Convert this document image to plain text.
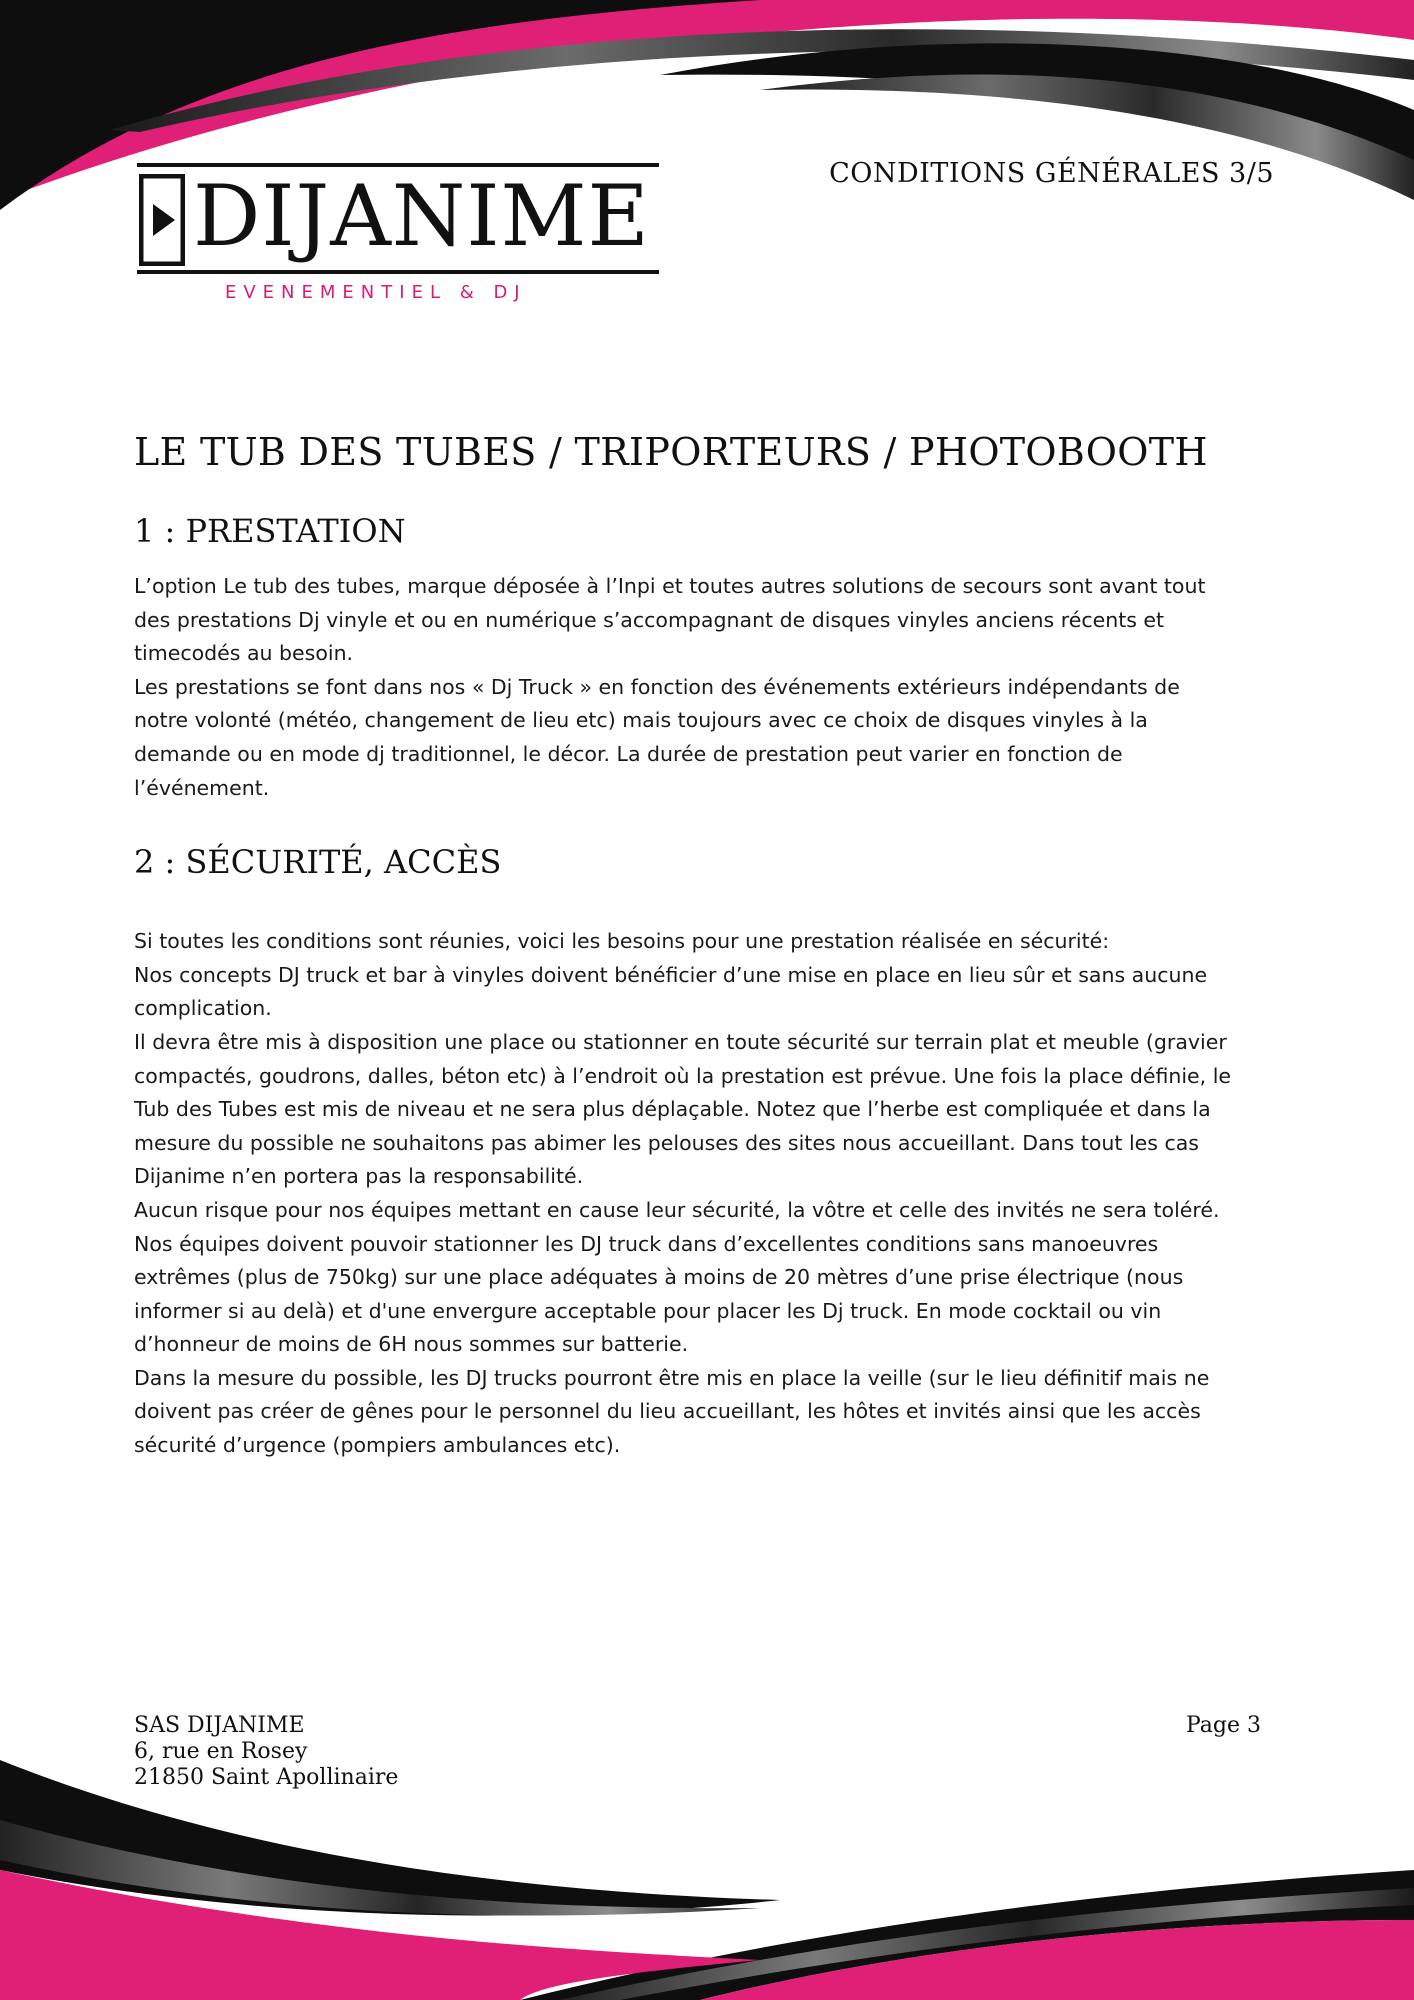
DIJANIME
EVENEMENTIEL & DJ
CONDITIONS GÉNÉRALES 3/5
LE TUB DES TUBES / TRIPORTEURS / PHOTOBOOTH
1 : PRESTATION

L’option Le tub des tubes, marque déposée à l’Inpi et toutes autres solutions de secours sont avant tout

des prestations Dj vinyle et ou en numérique s’accompagnant de disques vinyles anciens récents et

timecodés au besoin.

Les prestations se font dans nos « Dj Truck » en fonction des événements extérieurs indépendants de

notre volonté (météo, changement de lieu etc) mais toujours avec ce choix de disques vinyles à la

demande ou en mode dj traditionnel, le décor. La durée de prestation peut varier en fonction de

l’événement.

2 : SÉCURITÉ, ACCÈS

Si toutes les conditions sont réunies, voici les besoins pour une prestation réalisée en sécurité:

Nos concepts DJ truck et bar à vinyles doivent bénéficier d’une mise en place en lieu sûr et sans aucune

complication.

Il devra être mis à disposition une place ou stationner en toute sécurité sur terrain plat et meuble (gravier

compactés, goudrons, dalles, béton etc) à l’endroit où la prestation est prévue. Une fois la place définie, le

Tub des Tubes est mis de niveau et ne sera plus déplaçable. Notez que l’herbe est compliquée et dans la

mesure du possible ne souhaitons pas abimer les pelouses des sites nous accueillant. Dans tout les cas

Dijanime n’en portera pas la responsabilité.

Aucun risque pour nos équipes mettant en cause leur sécurité, la vôtre et celle des invités ne sera toléré.

Nos équipes doivent pouvoir stationner les DJ truck dans d’excellentes conditions sans manoeuvres

extrêmes (plus de 750kg) sur une place adéquates à moins de 20 mètres d’une prise électrique (nous

informer si au delà) et d'une envergure acceptable pour placer les Dj truck. En mode cocktail ou vin

d’honneur de moins de 6H nous sommes sur batterie.

Dans la mesure du possible, les DJ trucks pourront être mis en place la veille (sur le lieu définitif mais ne

doivent pas créer de gênes pour le personnel du lieu accueillant, les hôtes et invités ainsi que les accès

sécurité d’urgence (pompiers ambulances etc).

SAS DIJANIME
6, rue en Rosey
21850 Saint Apollinaire
Page 3
